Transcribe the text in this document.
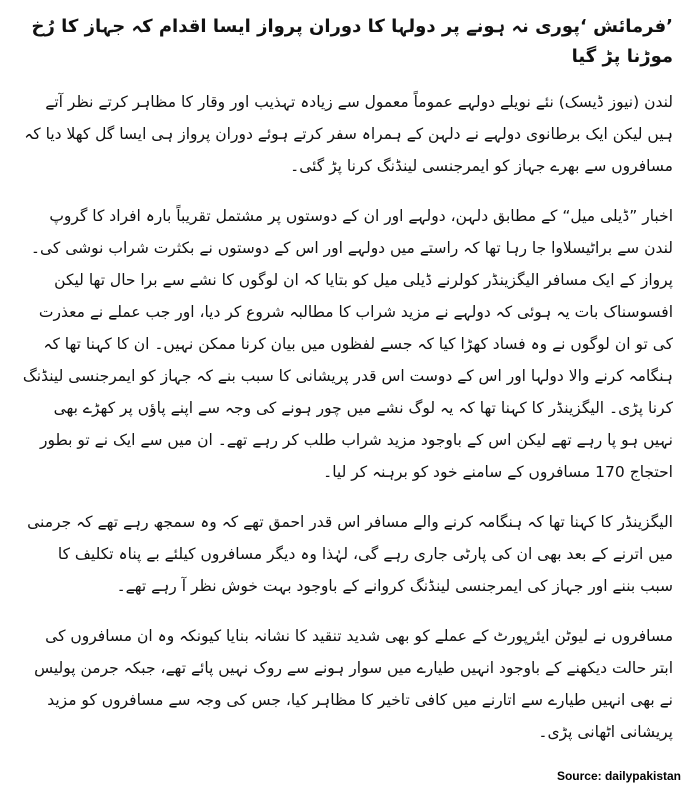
’فرمائش ‘پوری نہ ہونے پر دولہا کا دوران پرواز ایسا اقدام کہ جہاز کا رُخ موڑنا پڑ گیا

لندن (نیوز ڈیسک) نئے نویلے دولہے عموماً معمول سے زیادہ تہذیب اور وقار کا مظاہر کرتے نظر آتے ہیں لیکن ایک برطانوی دولہے نے دلہن کے ہمراہ سفر کرتے ہوئے دوران پرواز ہی ایسا گل کھلا دیا کہ مسافروں سے بھرے جہاز کو ایمرجنسی لینڈنگ کرنا پڑ گئی۔

اخبار ”ڈیلی میل“ کے مطابق دلہن، دولہے اور ان کے دوستوں پر مشتمل تقریباً بارہ افراد کا گروپ لندن سے براٹیسلاوا جا رہا تھا کہ راستے میں دولہے اور اس کے دوستوں نے بکثرت شراب نوشی کی۔ پرواز کے ایک مسافر الیگزینڈر کولرنے ڈیلی میل کو بتایا کہ ان لوگوں کا نشے سے برا حال تھا لیکن افسوسناک بات یہ ہوئی کہ دولہے نے مزید شراب کا مطالبہ شروع کر دیا، اور جب عملے نے معذرت کی تو ان لوگوں نے وہ فساد کھڑا کیا کہ جسے لفظوں میں بیان کرنا ممکن نہیں۔ ان کا کہنا تھا کہ ہنگامہ کرنے والا دولہا اور اس کے دوست اس قدر پریشانی کا سبب بنے کہ جہاز کو ایمرجنسی لینڈنگ کرنا پڑی۔ الیگزینڈر کا کہنا تھا کہ یہ لوگ نشے میں چور ہونے کی وجہ سے اپنے پاﺅں پر کھڑے بھی نہیں ہو پا رہے تھے لیکن اس کے باوجود مزید شراب طلب کر رہے تھے۔ ان میں سے ایک نے تو بطور احتجاج 170 مسافروں کے سامنے خود کو برہنہ کر لیا۔

الیگزینڈر کا کہنا تھا کہ ہنگامہ کرنے والے مسافر اس قدر احمق تھے کہ وہ سمجھ رہے تھے کہ جرمنی میں اترنے کے بعد بھی ان کی پارٹی جاری رہے گی، لہٰذا وہ دیگر مسافروں کیلئے بے پناہ تکلیف کا سبب بننے اور جہاز کی ایمرجنسی لینڈنگ کروانے کے باوجود بہت خوش نظر آ رہے تھے۔

مسافروں نے لیوٹن ایئرپورٹ کے عملے کو بھی شدید تنقید کا نشانہ بنایا کیونکہ وہ ان مسافروں کی ابتر حالت دیکھنے کے باوجود انہیں طیارے میں سوار ہونے سے روک نہیں پائے تھے، جبکہ جرمن پولیس نے بھی انہیں طیارے سے اتارنے میں کافی تاخیر کا مظاہر کیا، جس کی وجہ سے مسافروں کو مزید پریشانی اٹھانی پڑی۔

Source: dailypakistan
